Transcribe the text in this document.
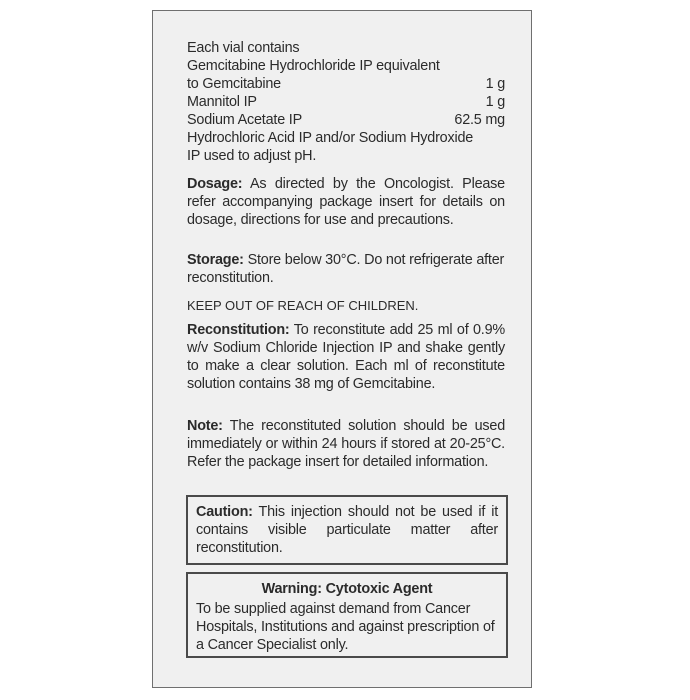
Each vial contains
Gemcitabine Hydrochloride IP equivalent
to Gemcitabine	1 g
Mannitol IP	1 g
Sodium Acetate IP	62.5 mg
Hydrochloric Acid IP and/or Sodium Hydroxide
IP used to adjust pH.
Dosage: As directed by the Oncologist. Please refer accompanying package insert for details on dosage, directions for use and precautions.
Storage: Store below 30°C. Do not refrigerate after reconstitution.
KEEP OUT OF REACH OF CHILDREN.
Reconstitution: To reconstitute add 25 ml of 0.9% w/v Sodium Chloride Injection IP and shake gently to make a clear solution. Each ml of reconstitute solution contains 38 mg of Gemcitabine.
Note: The reconstituted solution should be used immediately or within 24 hours if stored at 20-25°C. Refer the package insert for detailed information.
Caution: This injection should not be used if it contains visible particulate matter after reconstitution.
Warning: Cytotoxic Agent
To be supplied against demand from Cancer Hospitals, Institutions and against prescription of a Cancer Specialist only.
